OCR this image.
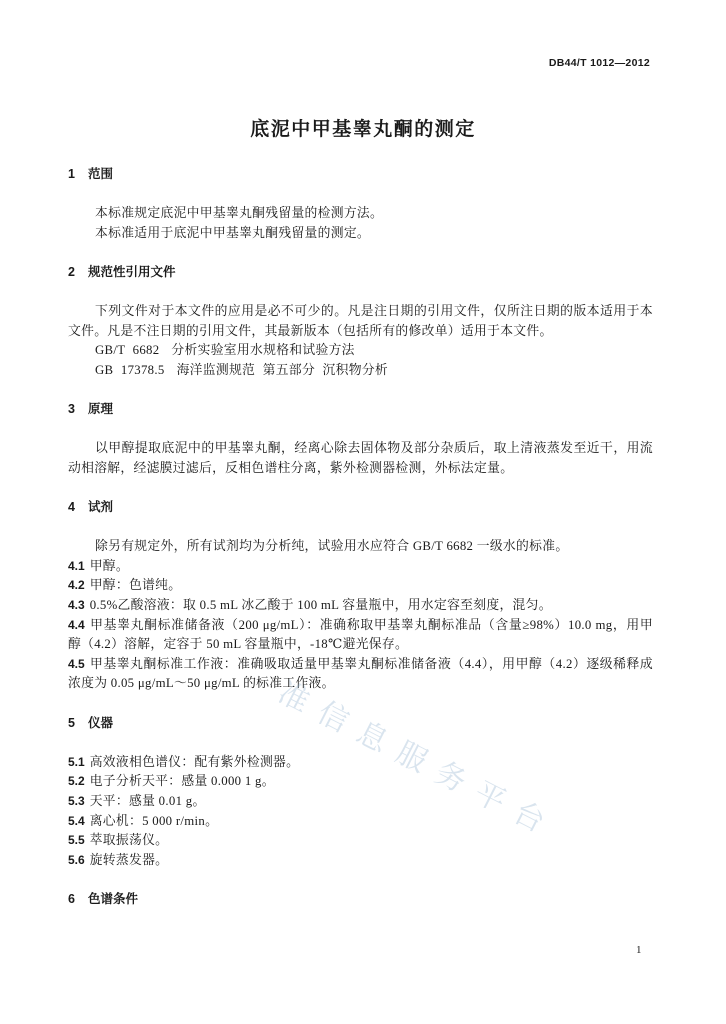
DB44/T 1012—2012
底泥中甲基睾丸酮的测定
1 范围
本标准规定底泥中甲基睾丸酮残留量的检测方法。
本标准适用于底泥中甲基睾丸酮残留量的测定。
2 规范性引用文件
下列文件对于本文件的应用是必不可少的。凡是注日期的引用文件，仅所注日期的版本适用于本
文件。凡是不注日期的引用文件，其最新版本（包括所有的修改单）适用于本文件。
GB/T 6682 分析实验室用水规格和试验方法
GB 17378.5 海洋监测规范 第五部分 沉积物分析
3 原理
以甲醇提取底泥中的甲基睾丸酮，经离心除去固体物及部分杂质后，取上清液蒸发至近干，用流
动相溶解，经滤膜过滤后，反相色谱柱分离，紫外检测器检测，外标法定量。
4 试剂
除另有规定外，所有试剂均为分析纯，试验用水应符合 GB/T 6682 一级水的标准。
4.1 甲醇。
4.2 甲醇：色谱纯。
4.3 0.5%乙酸溶液：取 0.5 mL 冰乙酸于 100 mL 容量瓶中，用水定容至刻度，混匀。
4.4 甲基睾丸酮标准储备液（200 μg/mL）：准确称取甲基睾丸酮标准品（含量≥98%）10.0 mg，用甲
醇（4.2）溶解，定容于 50 mL 容量瓶中，-18℃避光保存。
4.5 甲基睾丸酮标准工作液：准确吸取适量甲基睾丸酮标准储备液（4.4），用甲醇（4.2）逐级稀释成
浓度为 0.05 μg/mL～50 μg/mL 的标准工作液。
5 仪器
5.1 高效液相色谱仪：配有紫外检测器。
5.2 电子分析天平：感量 0.000 1 g。
5.3 天平：感量 0.01 g。
5.4 离心机：5 000 r/min。
5.5 萃取振荡仪。
5.6 旋转蒸发器。
6 色谱条件
1
准信息服务平台
